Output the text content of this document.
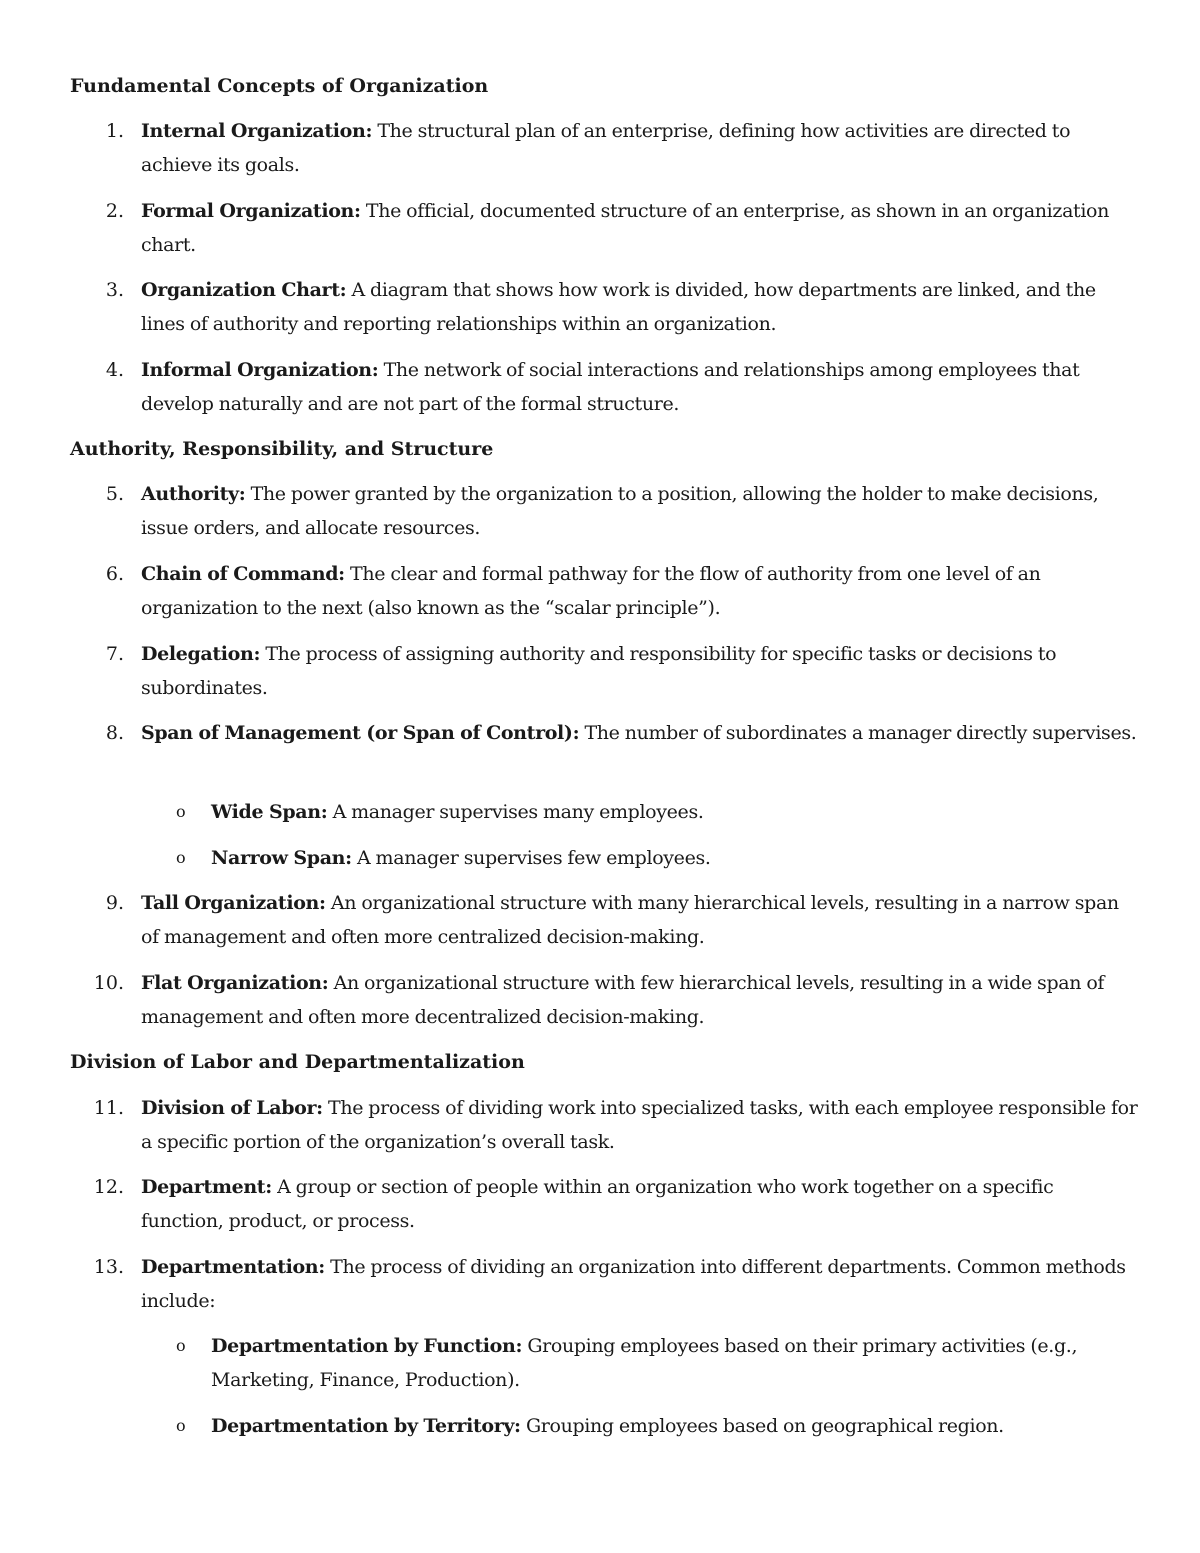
Fundamental Concepts of Organization
1. Internal Organization: The structural plan of an enterprise, defining how activities are directed to achieve its goals.
2. Formal Organization: The official, documented structure of an enterprise, as shown in an organization chart.
3. Organization Chart: A diagram that shows how work is divided, how departments are linked, and the lines of authority and reporting relationships within an organization.
4. Informal Organization: The network of social interactions and relationships among employees that develop naturally and are not part of the formal structure.
Authority, Responsibility, and Structure
5. Authority: The power granted by the organization to a position, allowing the holder to make decisions, issue orders, and allocate resources.
6. Chain of Command: The clear and formal pathway for the flow of authority from one level of an organization to the next (also known as the “scalar principle”).
7. Delegation: The process of assigning authority and responsibility for specific tasks or decisions to subordinates.
8. Span of Management (or Span of Control): The number of subordinates a manager directly supervises.
o Wide Span: A manager supervises many employees.
o Narrow Span: A manager supervises few employees.
9. Tall Organization: An organizational structure with many hierarchical levels, resulting in a narrow span of management and often more centralized decision-making.
10. Flat Organization: An organizational structure with few hierarchical levels, resulting in a wide span of management and often more decentralized decision-making.
Division of Labor and Departmentalization
11. Division of Labor: The process of dividing work into specialized tasks, with each employee responsible for a specific portion of the organization’s overall task.
12. Department: A group or section of people within an organization who work together on a specific function, product, or process.
13. Departmentation: The process of dividing an organization into different departments. Common methods include:
o Departmentation by Function: Grouping employees based on their primary activities (e.g., Marketing, Finance, Production).
o Departmentation by Territory: Grouping employees based on geographical region.
